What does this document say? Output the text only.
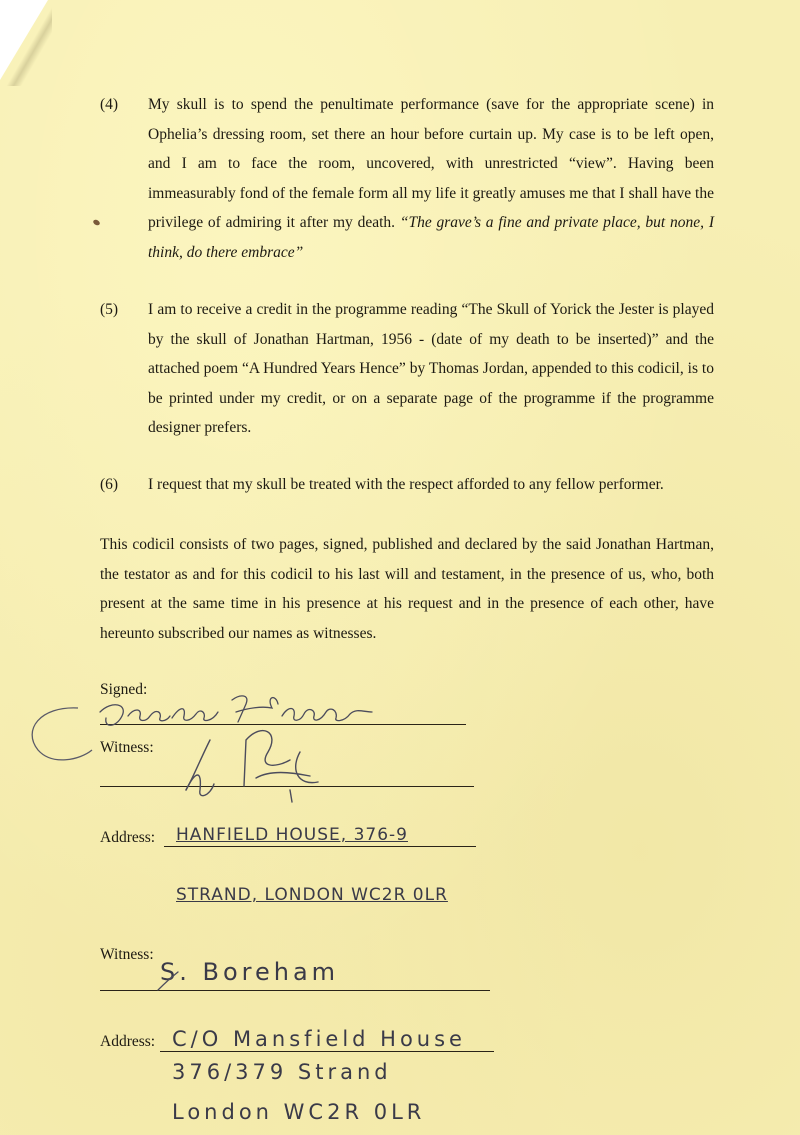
(4)	My skull is to spend the penultimate performance (save for the appropriate scene) in Ophelia’s dressing room, set there an hour before curtain up. My case is to be left open, and I am to face the room, uncovered, with unrestricted “view”. Having been immeasurably fond of the female form all my life it greatly amuses me that I shall have the privilege of admiring it after my death. “The grave’s a fine and private place, but none, I think, do there embrace”
(5)	I am to receive a credit in the programme reading “The Skull of Yorick the Jester is played by the skull of Jonathan Hartman, 1956 - (date of my death to be inserted)” and the attached poem “A Hundred Years Hence” by Thomas Jordan, appended to this codicil, is to be printed under my credit, or on a separate page of the programme if the programme designer prefers.
(6)	I request that my skull be treated with the respect afforded to any fellow performer.
This codicil consists of two pages, signed, published and declared by the said Jonathan Hartman, the testator as and for this codicil to his last will and testament, in the presence of us, who, both present at the same time in his presence at his request and in the presence of each other, have hereunto subscribed our names as witnesses.
Signed:
Witness:
Address: HANFIELD HOUSE, 376-9
STRAND, LONDON WC2R 0LR
Witness:
S. Boreham
Address: C/O Mansfield House
376/379 Strand
London WC2R 0LR
